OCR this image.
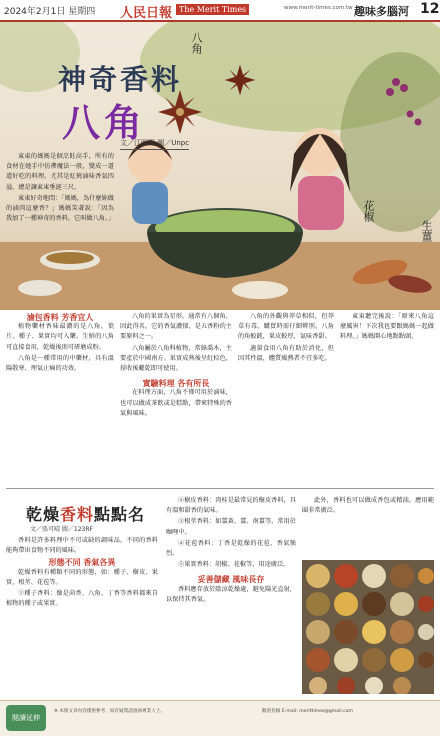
2024年2月1日 星期四 人民日報 The Merit Times	www.merit-times.com.tw 趣味多腦河 12
神奇香料
八角
文／江明夏 圖／Unpc
八角
花椒
生薑

東東的媽媽是個烹飪高手，所有的食材在她手中彷彿魔法一般，變成一道道好吃的料理。尤其是紅燒滷味香氣四溢，總是讓東東垂涎三尺。

東東好奇地問：「媽媽，為什麼妳做的滷肉這麼香？」媽媽笑著說：「因為我加了一種神奇的香料，它叫做八角。」

滷包香料 芳香宜人

植物藥材香味最濃的是八角，葉片、種子、果實均可入藥。生鮮的八角可直接食用，乾燥後則可研磨成粉。

八角是一種常用的中藥材，具有溫陽散寒、理氣止痛的功效。

八角的果實為星形，通常有八個角，因此得名。它的香氣濃郁，是五香粉的主要原料之一。

八角屬於八角科植物，常綠喬木，主要產於中國南方。果實成熟後呈紅棕色，採收後曬乾即可使用。

實驗料理 各有所長

在料理方面，八角不僅可用於滷味，也可以做成茶飲或是糕點，帶來特殊的香氣與風味。

八角的外觀與莽草相似，但莽草有毒，購買時需仔細辨別。八角的角較鈍，果皮較厚，氣味香甜。

適量食用八角有助於消化，但因其性溫，體質燥熱者不宜多吃。

東東聽完後說：「原來八角這麼厲害！下次我也要跟媽媽一起做料理。」媽媽開心地點點頭。

乾燥香料點點名
文／張可晴 圖／123RF

香料是許多料理中不可或缺的調味品，不同的香料能夠帶出食物不同的風味。

形態不同 香氣各異

乾燥香料有種類不同的形態，如：種子、樹皮、果實、根莖、花苞等。

①種子香料：像是茴香、八角、丁香等香料都來自植物的種子或果實。

②樹皮香料：肉桂是最常見的樹皮香料，具有溫和甜香的氣味。

③根莖香料：如薑黃、薑、南薑等，常用於咖哩中。

④花苞香料：丁香是乾燥的花苞，香氣強烈。

⑤果實香料：胡椒、花椒等，用途廣泛。

妥善儲藏 風味長存

香料應存放於陰涼乾燥處，避免陽光直射，以保持其香氣。

此外，香料也可以做成香包或精油，應用範圍非常廣泛。

閱讀延伸
※ 本版文章內容僅供參考，如有疑問請諮詢專業人士。	歡迎投稿 E-mail: merittimes@gmail.com
